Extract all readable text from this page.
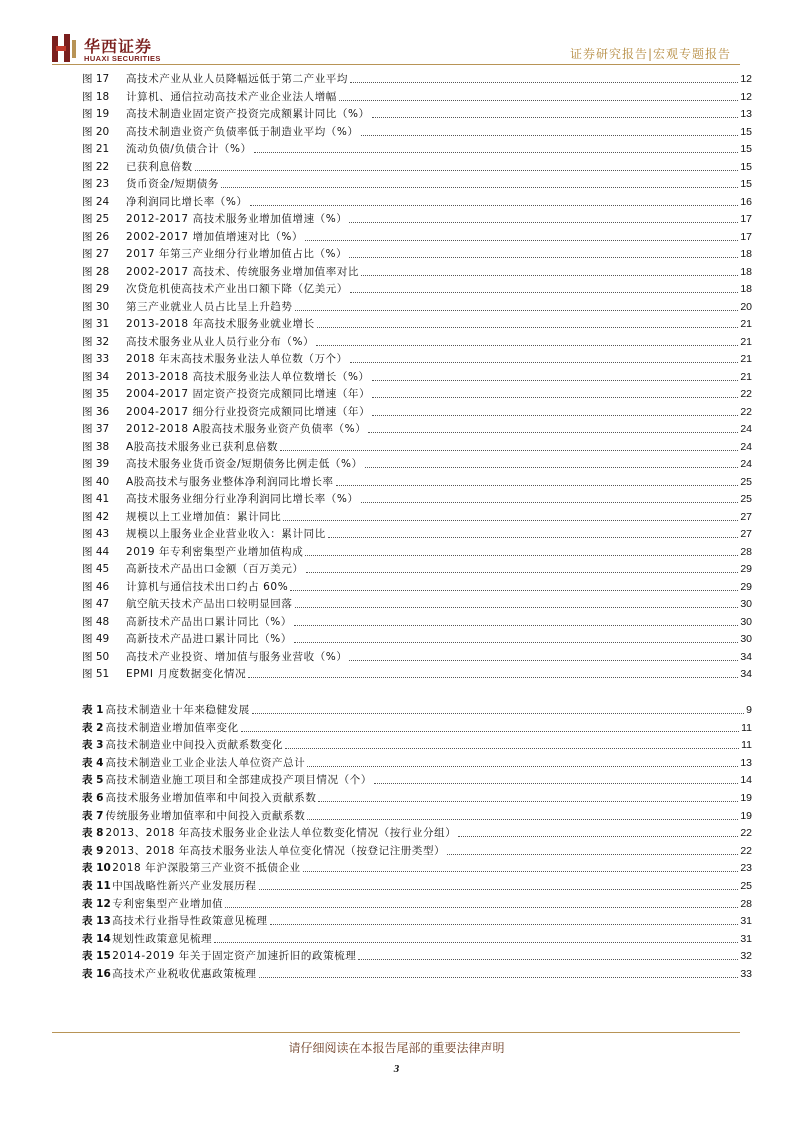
华西证券
HUAXI SECURITIES	证券研究报告|宏观专题报告
图 17 高技术产业从业人员降幅远低于第二产业平均	12
图 18 计算机、通信拉动高技术产业企业法人增幅	12
图 19 高技术制造业固定资产投资完成额累计同比（%）	13
图 20 高技术制造业资产负债率低于制造业平均（%）	15
图 21 流动负债/负债合计（%）	15
图 22 已获利息倍数	15
图 23 货币资金/短期债务	15
图 24 净利润同比增长率（%）	16
图 25 2012-2017 高技术服务业增加值增速（%）	17
图 26 2002-2017 增加值增速对比（%）	17
图 27 2017 年第三产业细分行业增加值占比（%）	18
图 28 2002-2017 高技术、传统服务业增加值率对比	18
图 29 次贷危机使高技术产业出口额下降（亿美元）	18
图 30 第三产业就业人员占比呈上升趋势	20
图 31 2013-2018 年高技术服务业就业增长	21
图 32 高技术服务业从业人员行业分布（%）	21
图 33 2018 年末高技术服务业法人单位数（万个）	21
图 34 2013-2018 高技术服务业法人单位数增长（%）	21
图 35 2004-2017 固定资产投资完成额同比增速（年）	22
图 36 2004-2017 细分行业投资完成额同比增速（年）	22
图 37 2012-2018 A股高技术服务业资产负债率（%）	24
图 38 A股高技术服务业已获利息倍数	24
图 39 高技术服务业货币资金/短期债务比例走低（%）	24
图 40 A股高技术与服务业整体净利润同比增长率	25
图 41 高技术服务业细分行业净利润同比增长率（%）	25
图 42 规模以上工业增加值：累计同比	27
图 43 规模以上服务业企业营业收入：累计同比	27
图 44 2019 年专利密集型产业增加值构成	28
图 45 高新技术产品出口金额（百万美元）	29
图 46 计算机与通信技术出口约占 60%	29
图 47 航空航天技术产品出口较明显回落	30
图 48 高新技术产品出口累计同比（%）	30
图 49 高新技术产品进口累计同比（%）	30
图 50 高技术产业投资、增加值与服务业营收（%）	34
图 51 EPMI 月度数据变化情况	34
表 1 高技术制造业十年来稳健发展	9
表 2 高技术制造业增加值率变化	11
表 3 高技术制造业中间投入贡献系数变化	11
表 4 高技术制造业工业企业法人单位资产总计	13
表 5 高技术制造业施工项目和全部建成投产项目情况（个）	14
表 6 高技术服务业增加值率和中间投入贡献系数	19
表 7 传统服务业增加值率和中间投入贡献系数	19
表 8 2013、2018 年高技术服务业企业法人单位数变化情况（按行业分组）	22
表 9 2013、2018 年高技术服务业法人单位变化情况（按登记注册类型）	22
表 10 2018 年沪深股第三产业资不抵债企业	23
表 11 中国战略性新兴产业发展历程	25
表 12 专利密集型产业增加值	28
表 13 高技术行业指导性政策意见梳理	31
表 14 规划性政策意见梳理	31
表 15 2014-2019 年关于固定资产加速折旧的政策梳理	32
表 16 高技术产业税收优惠政策梳理	33
请仔细阅读在本报告尾部的重要法律声明
3
